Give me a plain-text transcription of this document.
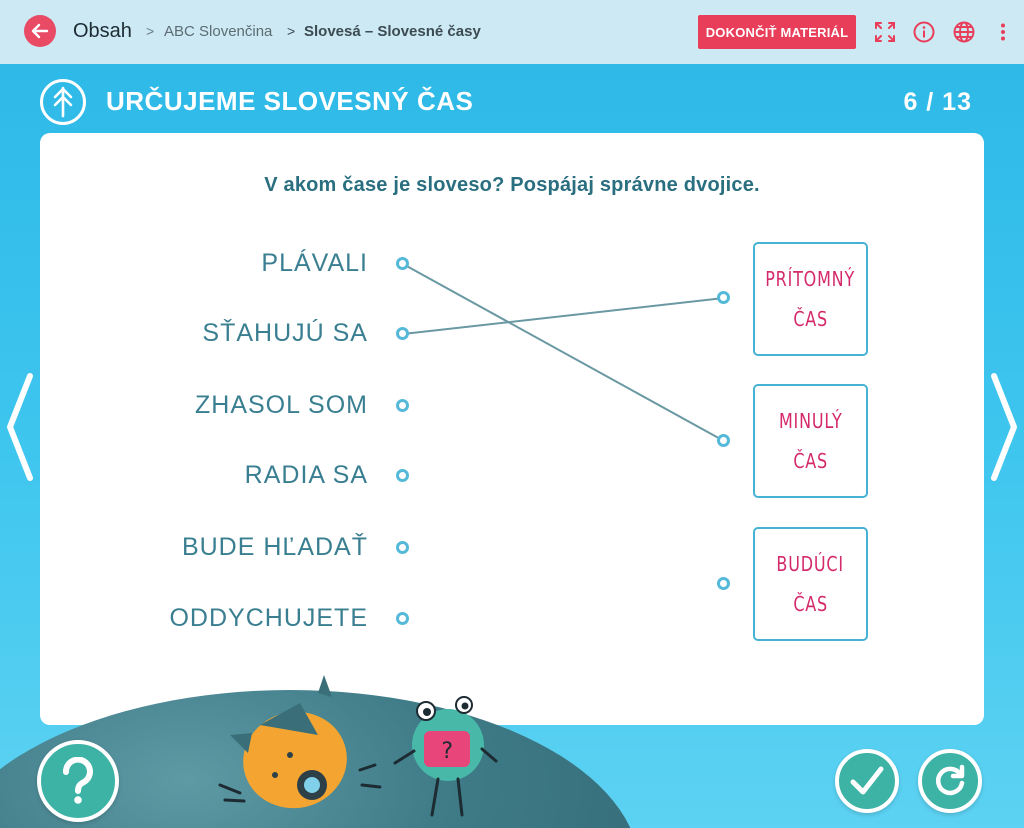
Obsah > ABC Slovenčina > Slovesá – Slovesné časy	DOKONČIŤ MATERIÁL
URČUJEME SLOVESNÝ ČAS	6 / 13
V akom čase je sloveso? Pospájaj správne dvojice.
PLÁVALI
SŤAHUJÚ SA
ZHASOL SOM
RADIA SA
BUDE HĽADAŤ
ODDYCHUJETE
PRÍTOMNÝ
ČAS
MINULÝ
ČAS
BUDÚCI
ČAS
?
